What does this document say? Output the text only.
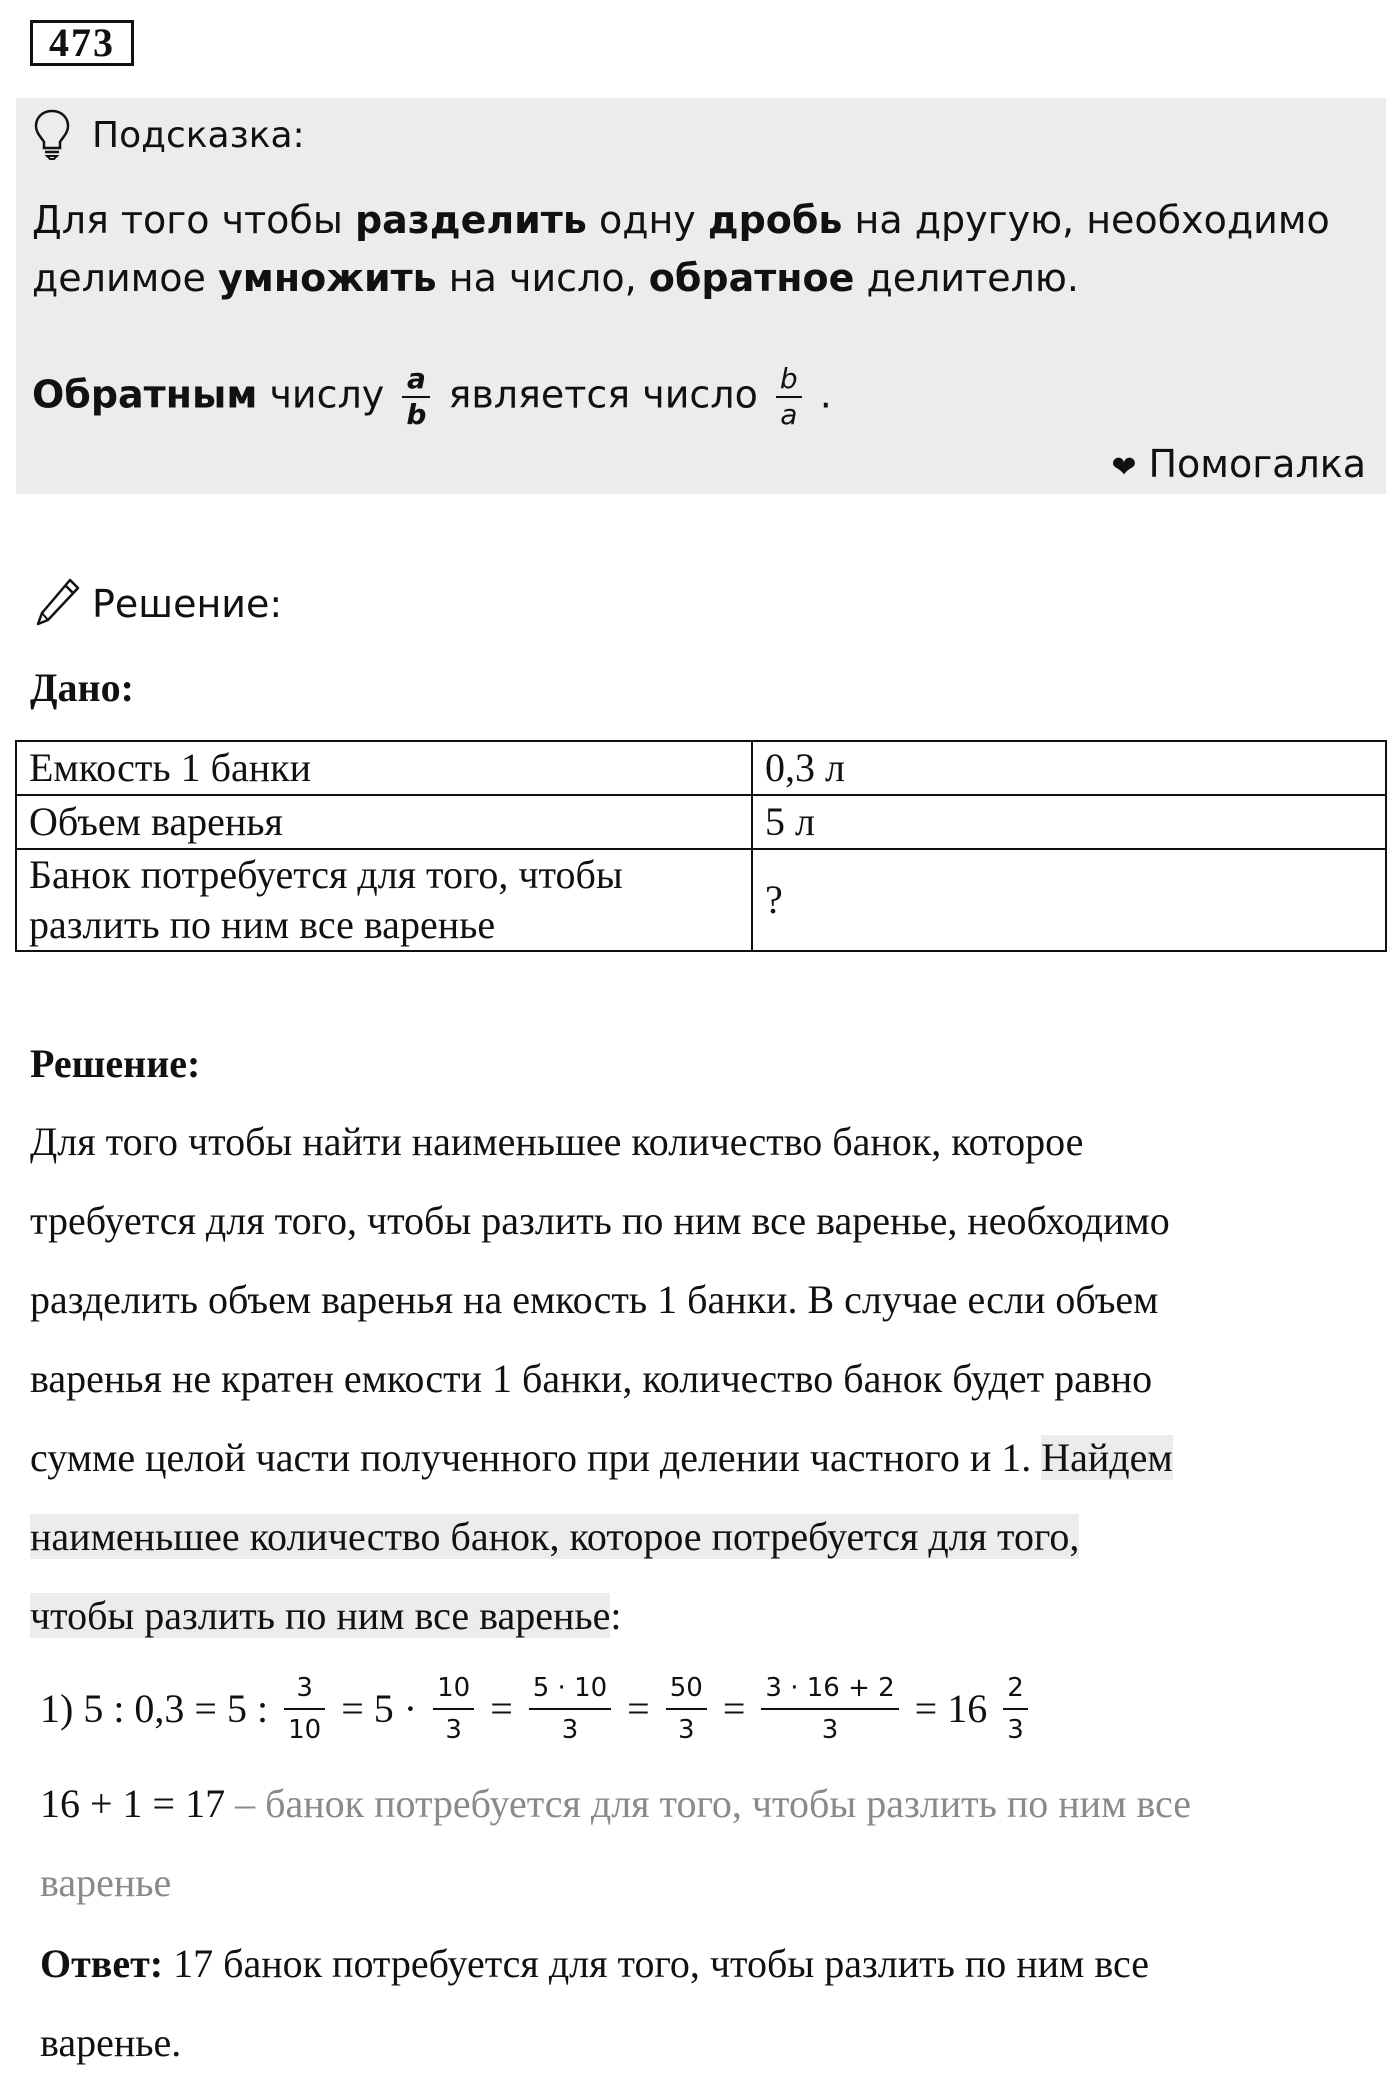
473
Подсказка:
Для того чтобы разделить одну дробь на другую, необходимо
делимое умножить на число, обратное делителю.
Обратным числу $\frac{a}{b}$ является число $\frac{b}{a}$ .
❤ Помогалка
Решение:
Дано:
Емкость 1 банки	0,3 л
Объем варенья	5 л
Банок потребуется для того, чтобы разлить по ним все варенье	?
Решение:
Для того чтобы найти наименьшее количество банок, которое
требуется для того, чтобы разлить по ним все варенье, необходимо
разделить объем варенья на емкость 1 банки. В случае если объем
варенья не кратен емкости 1 банки, количество банок будет равно
сумме целой части полученного при делении частного и 1. Найдем
наименьшее количество банок, которое потребуется для того,
чтобы разлить по ним все варенье:
1) 5 : 0,3 = 5 : $\frac{3}{10} = 5 \cdot \frac{10}{3} = \frac{5 \cdot 10}{3} = \frac{50}{3} = \frac{3 \cdot 16 + 2}{3} = 16 \frac{2}{3}$
16 + 1 = 17 – банок потребуется для того, чтобы разлить по ним все
варенье
Ответ: 17 банок потребуется для того, чтобы разлить по ним все
варенье.
